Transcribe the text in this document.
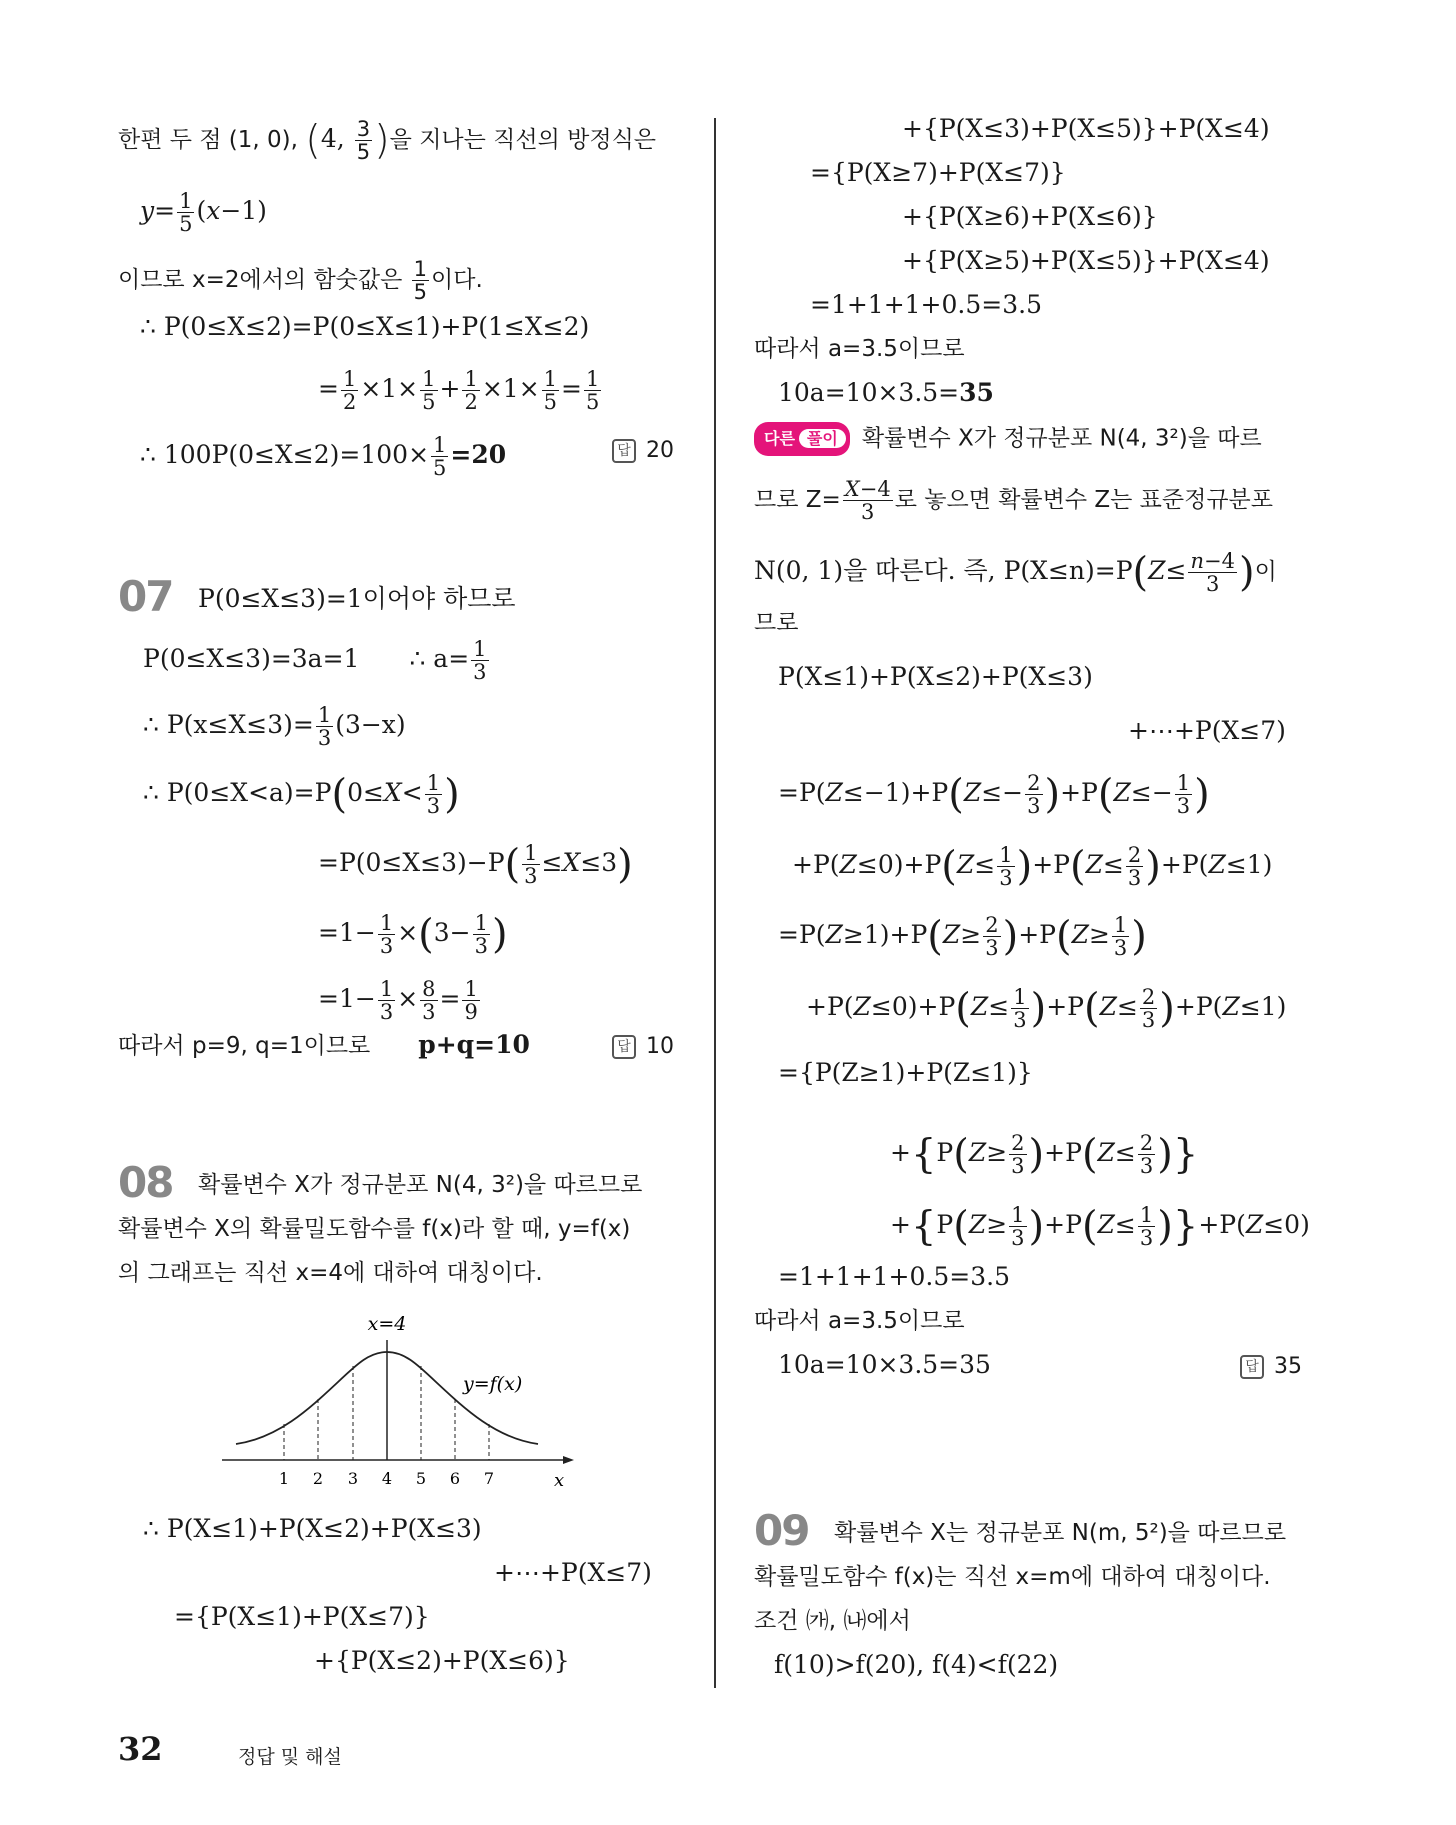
한편 두 점 (1, 0), (4, $\frac{3}{5}$ )을 지나는 직선의 방정식은
$y= \frac{1}{5} (x-1)$
이므로 x=2에서의 함숫값은 $\frac{1}{5}$ 이다.
∴ P(0≤X≤2)=P(0≤X≤1)+P(1≤X≤2)
= $\frac{1}{2} \times 1\times \frac{1}{5} + \frac{1}{2} \times 1\times \frac{1}{5} = \frac{1}{5}$
∴ $100P(0\le X\le 2)=100\times \frac{1}{5} =20$	답 20
07 P(0≤X≤3)=1이어야 하므로
P(0≤X≤3)=3a=1 ∴ $a= \frac{1}{3}$
∴ $P(x\le X\le 3)= \frac{1}{3} (3-x)$
∴ $P(0\le X<a)=P(0\le X< \frac{1}{3}$ )
$=P(0\le X\le 3)-P( \frac{1}{3} \le X\le 3)$
$=1- \frac{1}{3} \times(3- \frac{1}{3}$ )
$=1- \frac{1}{3} \times \frac{8}{3} = \frac{1}{9}$
따라서 p=9, q=1이므로 p+q=10	답 10
08 확률변수 X가 정규분포 N(4, 3²)을 따르므로
확률변수 X의 확률밀도함수를 f(x)라 할 때, y=f(x)
의 그래프는 직선 x=4에 대하여 대칭이다.
x=4
y=f(x)
x
1 2 3 4 5 6 7
∴ P(X≤1)+P(X≤2)+P(X≤3)
+⋯+P(X≤7)
={P(X≤1)+P(X≤7)}
+{P(X≤2)+P(X≤6)}
+{P(X≤3)+P(X≤5)}+P(X≤4)
={P(X≥7)+P(X≤7)}
+{P(X≥6)+P(X≤6)}
+{P(X≥5)+P(X≤5)}+P(X≤4)
=1+1+1+0.5=3.5
따라서 a=3.5이므로
10a=10×3.5=35
다른 풀이 확률변수 X가 정규분포 N(4, 3²)을 따르
므로 $Z= \frac{X-4}{3}$ 로 놓으면 확률변수 Z는 표준정규분포
N(0, 1)을 따른다. 즉, $P(X\le n)=P(Z\le \frac{n-4}{3}$ )이
므로
P(X≤1)+P(X≤2)+P(X≤3)
+⋯+P(X≤7)
$=P(Z\le-1)+P(Z\le- \frac{2}{3} )+P(Z\le- \frac{1}{3}$ )
$+P(Z\le 0)+P(Z\le \frac{1}{3} )+P(Z\le \frac{2}{3} )+P(Z\le 1)$
$=P(Z\ge 1)+P(Z\ge \frac{2}{3} )+P(Z\ge \frac{1}{3}$ )
$+P(Z\le 0)+P(Z\le \frac{1}{3} )+P(Z\le \frac{2}{3} )+P(Z\le 1)$
={P(Z≥1)+P(Z≤1)}
$+\{P(Z\ge \frac{2}{3} )+P(Z\le \frac{2}{3}$ )}
$+\{P(Z\ge \frac{1}{3} )+P(Z\le \frac{1}{3} )\}+P(Z\le 0)$
=1+1+1+0.5=3.5
따라서 a=3.5이므로
10a=10×3.5=35	답 35
09 확률변수 X는 정규분포 N(m, 5²)을 따르므로
확률밀도함수 f(x)는 직선 x=m에 대하여 대칭이다.
조건 ㈎, ㈏에서
f(10)>f(20), f(4)<f(22)
32	정답 및 해설
